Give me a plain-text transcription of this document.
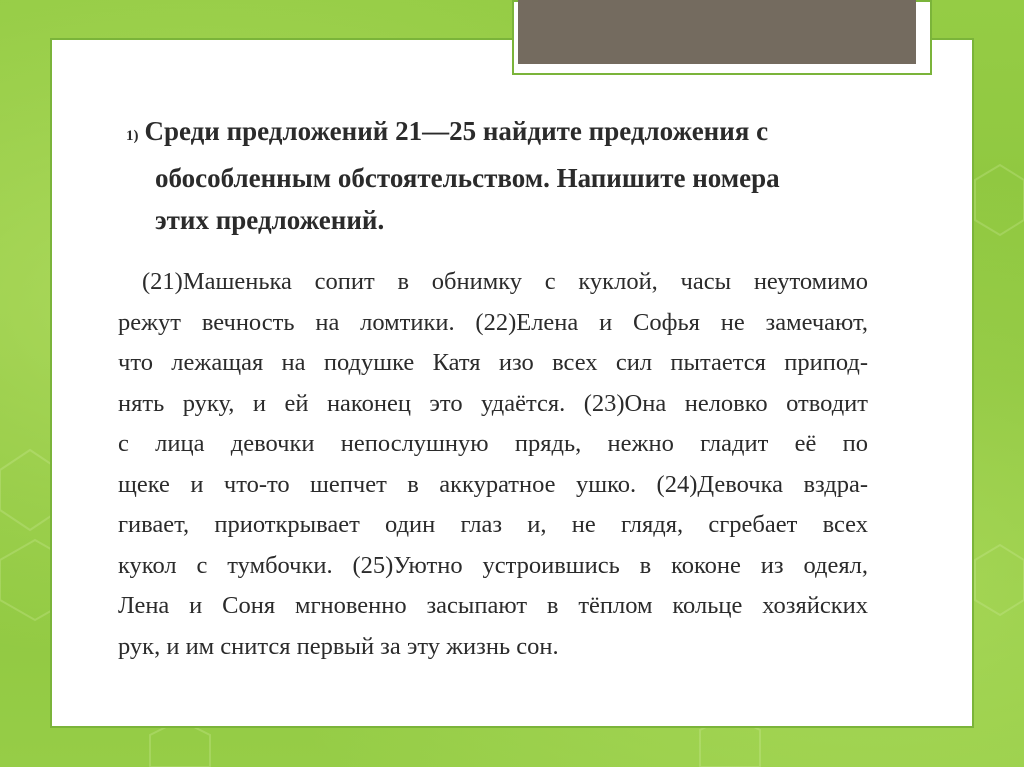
1) Среди предложений 21—25 найдите предложения с
обособленным обстоятельством. Напишите номера
этих предложений.
(21)Машенька сопит в обнимку с куклой, часы неутомимо
режут вечность на ломтики. (22)Елена и Софья не замечают,
что лежащая на подушке Катя изо всех сил пытается припод-
нять руку, и ей наконец это удаётся. (23)Она неловко отводит
с лица девочки непослушную прядь, нежно гладит её по
щеке и что-то шепчет в аккуратное ушко. (24)Девочка вздра-
гивает, приоткрывает один глаз и, не глядя, сгребает всех
кукол с тумбочки. (25)Уютно устроившись в коконе из одеял,
Лена и Соня мгновенно засыпают в тёплом кольце хозяйских
рук, и им снится первый за эту жизнь сон.
